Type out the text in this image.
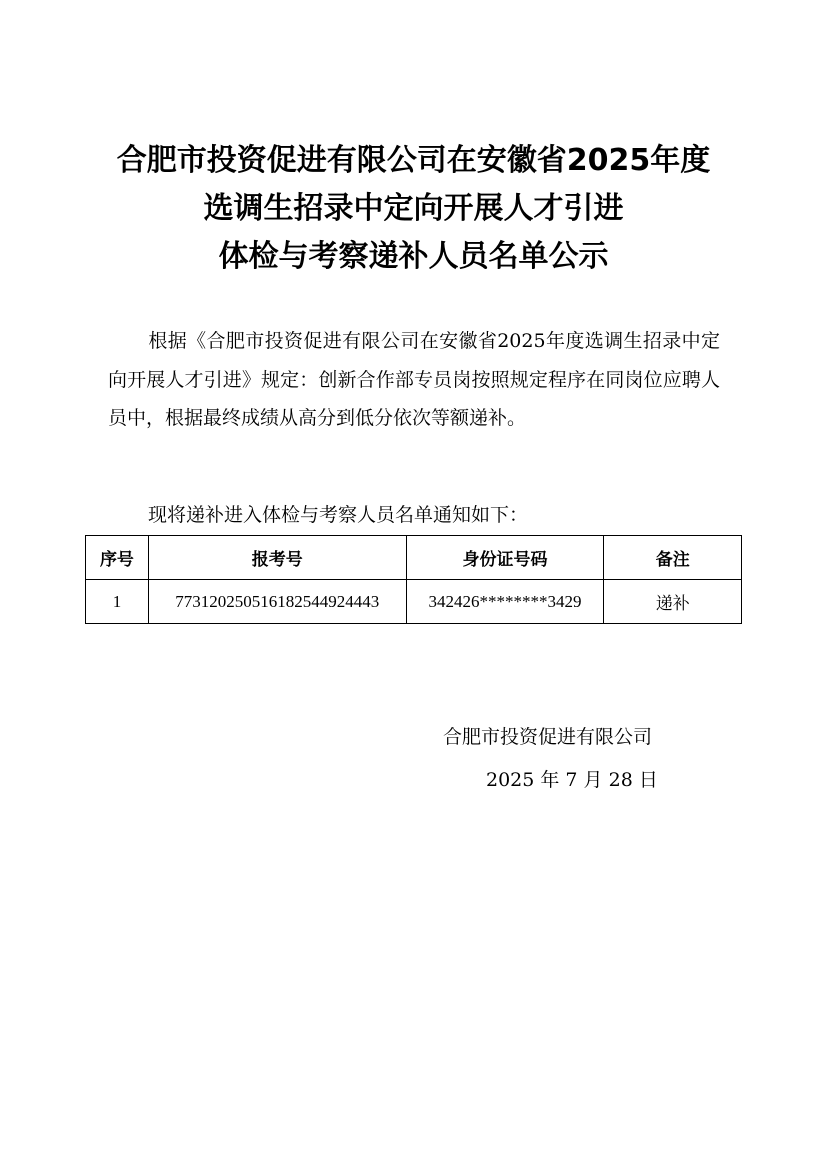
合肥市投资促进有限公司在安徽省2025年度
选调生招录中定向开展人才引进
体检与考察递补人员名单公示

根据《合肥市投资促进有限公司在安徽省2025年度选调生招录中定向开展人才引进》规定：创新合作部专员岗按照规定程序在同岗位应聘人员中，根据最终成绩从高分到低分依次等额递补。

现将递补进入体检与考察人员名单通知如下：

序号	报考号	身份证号码	备注
1	773120250516182544924443	342426********3429	递补

合肥市投资促进有限公司

2025 年 7 月 28 日
